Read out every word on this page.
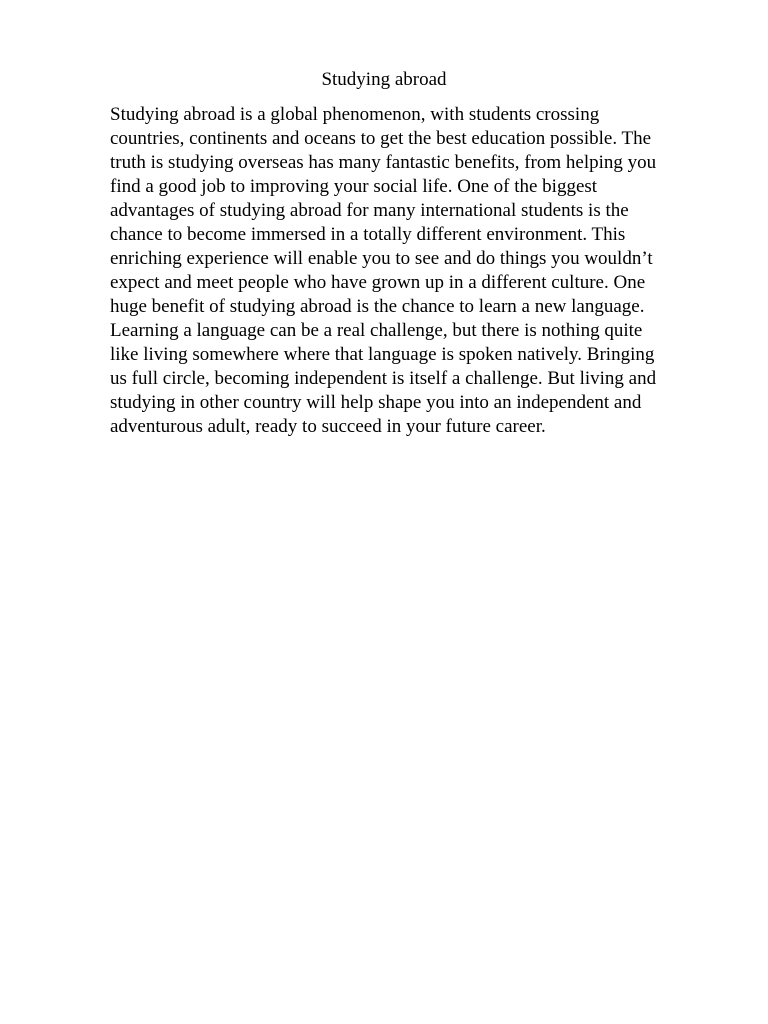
Studying abroad
Studying abroad is a global phenomenon, with students crossing
countries, continents and oceans to get the best education possible. The
truth is studying overseas has many fantastic benefits, from helping you
find a good job to improving your social life. One of the biggest
advantages of studying abroad for many international students is the
chance to become immersed in a totally different environment. This
enriching experience will enable you to see and do things you wouldn’t
expect and meet people who have grown up in a different culture. One
huge benefit of studying abroad is the chance to learn a new language.
Learning a language can be a real challenge, but there is nothing quite
like living somewhere where that language is spoken natively. Bringing
us full circle, becoming independent is itself a challenge. But living and
studying in other country will help shape you into an independent and
adventurous adult, ready to succeed in your future career.
